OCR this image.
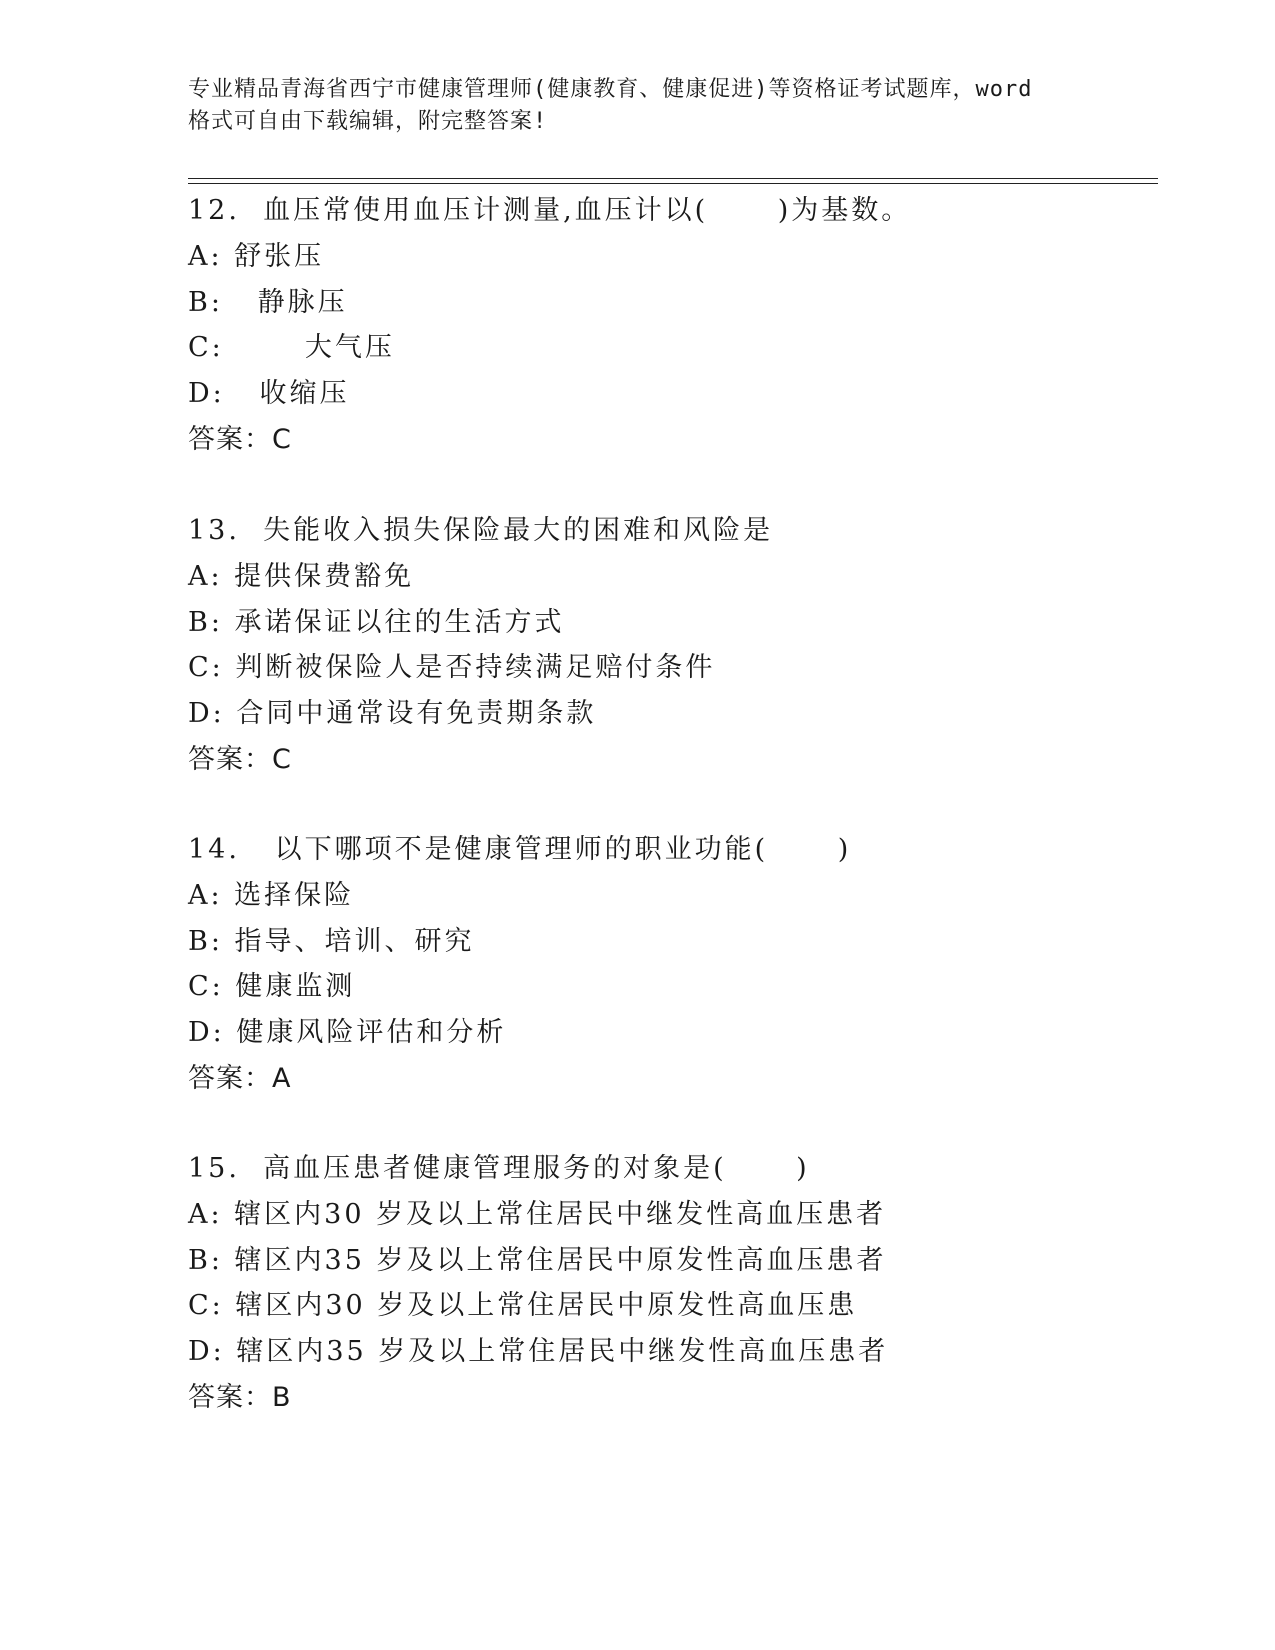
专业精品青海省西宁市健康管理师(健康教育、健康促进)等资格证考试题库，word
格式可自由下载编辑，附完整答案!
12.  血压常使用血压计测量,血压计以(      )为基数。
A: 舒张压
B:   静脉压
C:       大气压
D:   收缩压
答案：C
13.  失能收入损失保险最大的困难和风险是
A: 提供保费豁免
B: 承诺保证以往的生活方式
C: 判断被保险人是否持续满足赔付条件
D: 合同中通常设有免责期条款
答案：C
14.   以下哪项不是健康管理师的职业功能(      )
A: 选择保险
B: 指导、培训、研究
C: 健康监测
D: 健康风险评估和分析
答案：A
15.  高血压患者健康管理服务的对象是(      )
A: 辖区内30 岁及以上常住居民中继发性高血压患者
B: 辖区内35 岁及以上常住居民中原发性高血压患者
C: 辖区内30 岁及以上常住居民中原发性高血压患
D: 辖区内35 岁及以上常住居民中继发性高血压患者
答案：B
